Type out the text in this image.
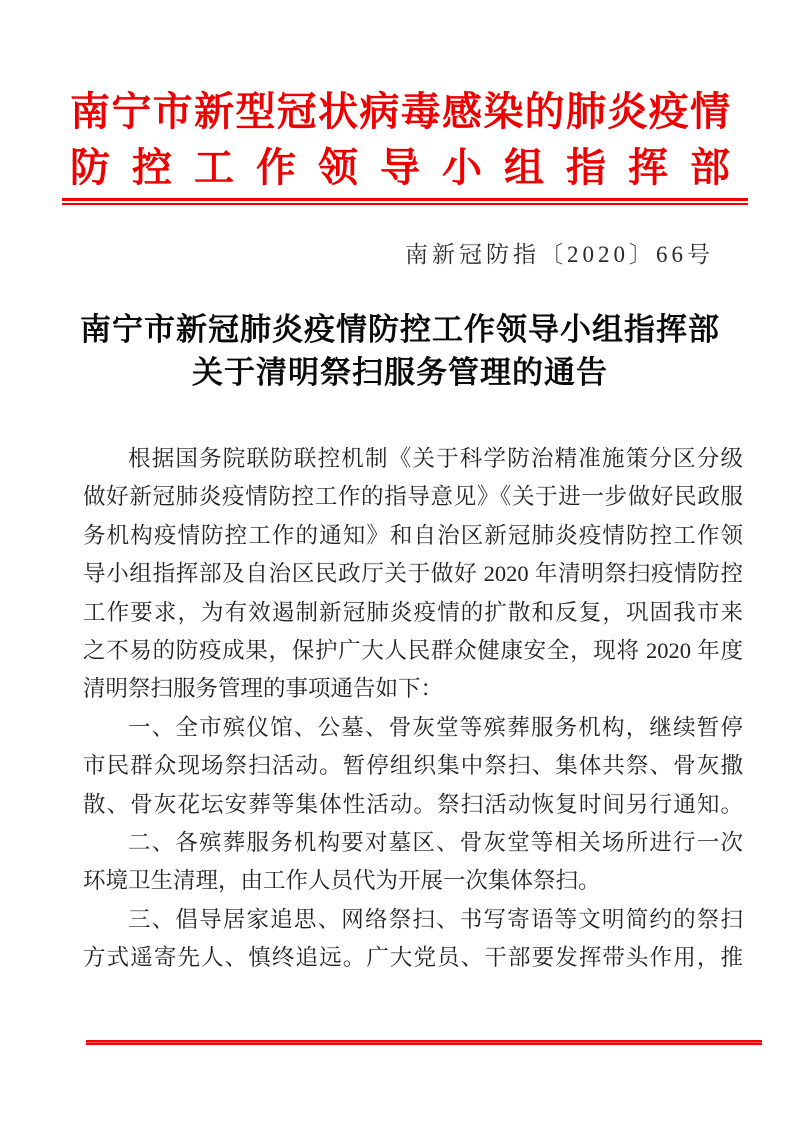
南宁市新型冠状病毒感染的肺炎疫情
防控工作领导小组指挥部
南新冠防指〔2020〕66号
南宁市新冠肺炎疫情防控工作领导小组指挥部
关于清明祭扫服务管理的通告
根据国务院联防联控机制《关于科学防治精准施策分区分级
做好新冠肺炎疫情防控工作的指导意见》《关于进一步做好民政服
务机构疫情防控工作的通知》和自治区新冠肺炎疫情防控工作领
导小组指挥部及自治区民政厅关于做好 2020 年清明祭扫疫情防控
工作要求，为有效遏制新冠肺炎疫情的扩散和反复，巩固我市来
之不易的防疫成果，保护广大人民群众健康安全，现将 2020 年度
清明祭扫服务管理的事项通告如下：
一、全市殡仪馆、公墓、骨灰堂等殡葬服务机构，继续暂停
市民群众现场祭扫活动。暂停组织集中祭扫、集体共祭、骨灰撒
散、骨灰花坛安葬等集体性活动。祭扫活动恢复时间另行通知。
二、各殡葬服务机构要对墓区、骨灰堂等相关场所进行一次
环境卫生清理，由工作人员代为开展一次集体祭扫。
三、倡导居家追思、网络祭扫、书写寄语等文明简约的祭扫
方式遥寄先人、慎终追远。广大党员、干部要发挥带头作用，推
